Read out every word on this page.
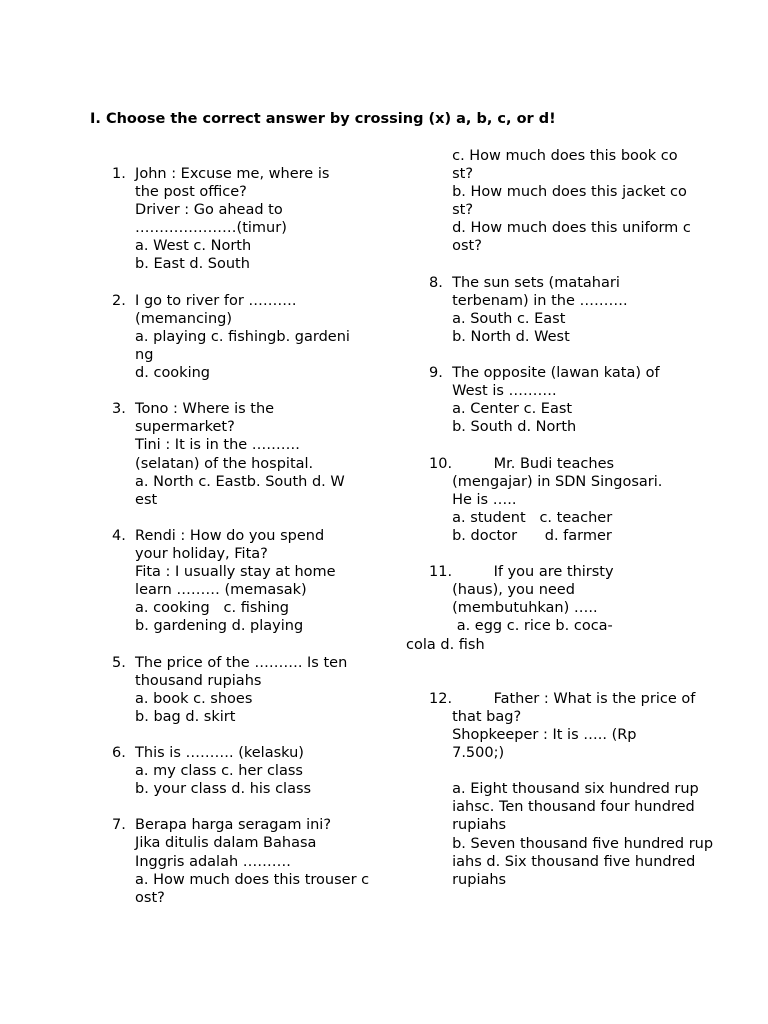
I. Choose the correct answer by crossing (x) a, b, c, or d!
1.  John : Excuse me, where is
the post office?
Driver : Go ahead to
…………………(timur)
a. West c. North
b. East d. South
2.  I go to river for ……….
(memancing)
a. playing c. fishingb. gardeni
ng
d. cooking
3.  Tono : Where is the
supermarket?
Tini : It is in the ……….
(selatan) of the hospital.
a. North c. Eastb. South d. W
est
4.  Rendi : How do you spend
your holiday, Fita?
Fita : I usually stay at home
learn ……… (memasak)
a. cooking   c. fishing
b. gardening d. playing
5.  The price of the ………. Is ten
thousand rupiahs
a. book c. shoes
b. bag d. skirt
6.  This is ………. (kelasku)
a. my class c. her class
b. your class d. his class
7.  Berapa harga seragam ini?
Jika ditulis dalam Bahasa
Inggris adalah ……….
a. How much does this trouser c
ost?
c. How much does this book co
st?
b. How much does this jacket co
st?
d. How much does this uniform c
ost?
8.  The sun sets (matahari
terbenam) in the ……….
a. South c. East
b. North d. West
9.  The opposite (lawan kata) of
West is ……….
a. Center c. East
b. South d. North
10.         Mr. Budi teaches
(mengajar) in SDN Singosari.
He is …..
a. student   c. teacher
b. doctor      d. farmer
11.         If you are thirsty
(haus), you need
(membutuhkan) …..
a. egg c. rice b. coca-
cola d. fish
12.         Father : What is the price of
that bag?
Shopkeeper : It is ….. (Rp
7.500;)
a. Eight thousand six hundred rup
iahsc. Ten thousand four hundred
rupiahs
b. Seven thousand five hundred rup
iahs d. Six thousand five hundred
rupiahs
